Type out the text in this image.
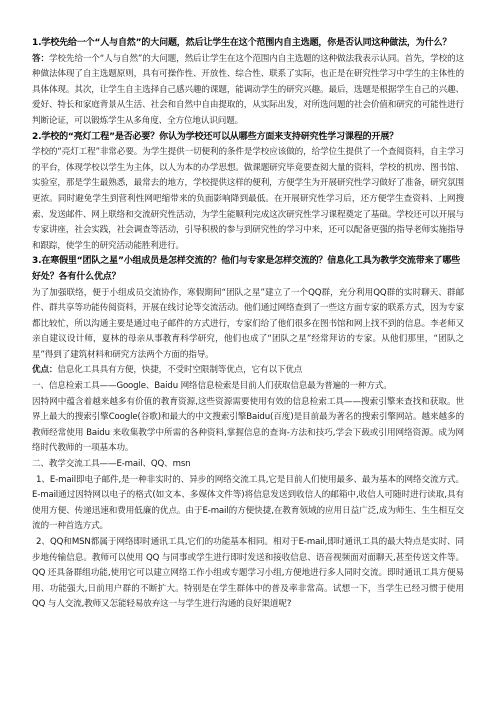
1.学校先给一个“人与自然”的大问题，然后让学生在这个范围内自主选题，你是否认同这种做法，为什么？

答：学校先给一个“人与自然”的大问题，然后让学生在这个范围内自主选题的这种做法我表示认同。首先，学校的这种做法体现了自主选题原则，具有可操作性、开放性、综合性、联系了实际，也正是在研究性学习中学生的主体性的具体体现。其次，让学生自主选择自己感兴趣的课题，能调动学生的研究兴趣。最后，选题是根据学生自己的兴趣、爱好、特长和家庭背景从生活、社会和自然中自由提取的，从实际出发，对所选问题的社会价值和研究的可能性进行判断论证，可以锻炼学生从多角度、全方位地认识问题。

2.学校的“亮灯工程”是否必要？你认为学校还可以从哪些方面来支持研究性学习课程的开展？

学校的“亮灯工程”非常必要。为学生提供一切便利的条件是学校应该做的，给学位生提供了一个查阅资料，自主学习的平台，体现学校以学生为主体，以人为本的办学思想。做课题研究毕竟要查阅大量的资料，学校的机房、图书馆、实验室，那是学生最熟悉，最常去的地方，学校提供这样的便利，方便学生为开展研究性学习做好了准备，研究氛围更浓。同时避免学生到营利性网吧缩带来的负面影响降到最低。在开展研究性学习后，还方便学生查资料、上网搜索、发送邮件、网上联络和交流研究性活动，为学生能顺利完成这次研究性学习课程奠定了基础。学校还可以开展与专家讲座，社会实践，社会调查等活动，引导积极的参与到研究性的学习中来，还可以配备更强的指导老师实施指导和跟踪，使学生的研究活动能胜利进行。

3.在寒假里“团队之星”小组成员是怎样交流的？他们与专家是怎样交流的？信息化工具为教学交流带来了哪些好处？各有什么优点？

为了加强联络，便于小组成员交流协作，寒假期间“团队之星”建立了一个QQ群，充分利用QQ群的实时聊天、群邮件、群共享等功能传阅资料，开展在线讨论等交流活动。他们通过网络查到了一些这方面专家的联系方式，因为专家都比较忙，所以沟通主要是通过电子邮件的方式进行，专家们给了他们很多在图书馆和网上找不到的信息。李老师又亲自建议设计师，夏林的母亲从事教育科学研究，他们也成了“团队之星”经常拜访的专家。从他们那里，“团队之星”得到了建筑材料和研究方法两个方面的指导。

优点：信息化工具具有方便，快捷，不受时空限制等优点，它有以下优点

一、信息检索工具——Google、Baidu 网络信息检索是目前人们获取信息最为普遍的一种方式。

因特网中蕴含着越来越多有价值的教育资源,这些资源需要使用有效的信息检索工具——搜索引擎来查找和获取。世界上最大的搜索引擎Coogle(谷歌)和最大的中文搜索引擎Baidu(百度)是目前最为著名的搜索引擎网站。越来越多的教师经常使用 Baidu 来收集教学中所需的各种资料,掌握信息的查询-方法和技巧,学会下载或引用网络资源。成为网络时代教师的一项基本功。

二、教学交流工具——E-mail、QQ、msn

1、E-mail即电子邮件,是一种非实时的、异步的网络交流工具,它是目前人们使用最多、最为基本的网络交流方式。E-mail通过因特网以电子的格式(如文本、多媒体文件等)将信息发送到收信人的邮箱中,收信人可随时进行读取,具有使用方便、传递迅速和费用低廉的优点。由于E-mail的方便快捷,在教育领域的应用日益广泛,成为师生、生生相互交流的一种首选方式。

2、QQ和MSN都属于网络即时通讯工具,它们的功能基本相同。相对于E-mail,即时通讯工具的最大特点是实时、同步地传输信息。教师可以使用 QQ 与同事或学生进行即时发送和接收信息、语音视频面对面聊天,甚至传送文件等。QQ 还具备群组功能,使用它可以建立网络工作小组或专题学习小组,方便地进行多人同时交流。即时通讯工具方便易用、功能强大,日前用户群的不断扩大。特别是在学生群体中的普及率非常高。试想一下，当学生已经习惯于使用 QQ 与人交流,教师又怎能轻易放弃这一与学生进行沟通的良好渠道呢?
